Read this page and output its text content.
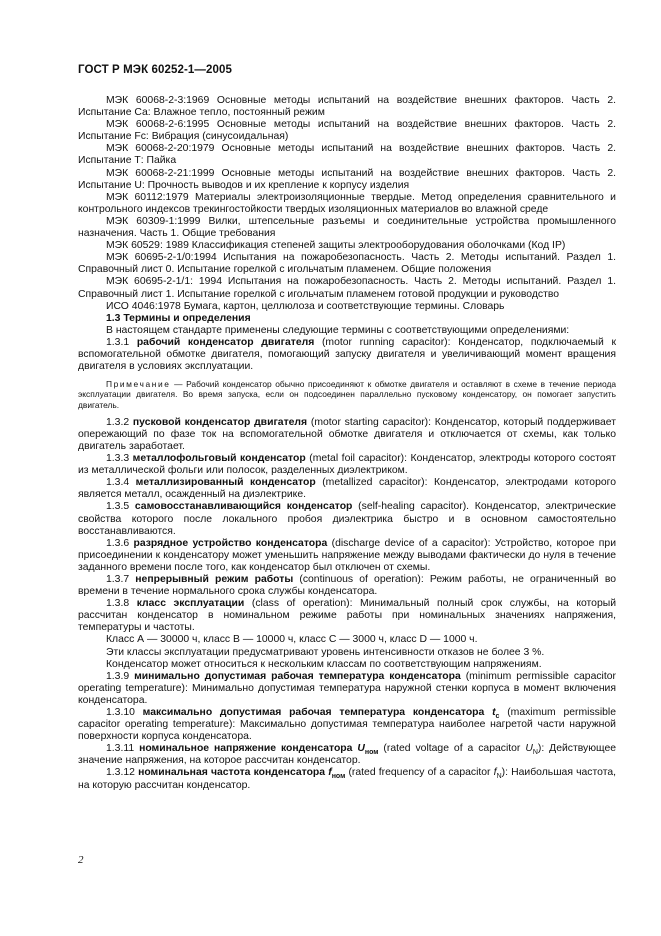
ГОСТ Р МЭК 60252-1—2005

МЭК 60068-2-3:1969 Основные методы испытаний на воздействие внешних факторов. Часть 2. Испытание Са: Влажное тепло, постоянный режим

МЭК 60068-2-6:1995 Основные методы испытаний на воздействие внешних факторов. Часть 2. Испытание Fc: Вибрация (синусоидальная)

МЭК 60068-2-20:1979 Основные методы испытаний на воздействие внешних факторов. Часть 2. Испытание Т: Пайка

МЭК 60068-2-21:1999 Основные методы испытаний на воздействие внешних факторов. Часть 2. Испытание U: Прочность выводов и их крепление к корпусу изделия

МЭК 60112:1979 Материалы электроизоляционные твердые. Метод определения сравнительного и контрольного индексов трекингостойкости твердых изоляционных материалов во влажной среде

МЭК 60309-1:1999 Вилки, штепсельные разъемы и соединительные устройства промышленного назначения. Часть 1. Общие требования

МЭК 60529: 1989 Классификация степеней защиты электрооборудования оболочками (Код IP)

МЭК 60695-2-1/0:1994 Испытания на пожаробезопасность. Часть 2. Методы испытаний. Раздел 1. Справочный лист 0. Испытание горелкой с игольчатым пламенем. Общие положения

МЭК 60695-2-1/1: 1994 Испытания на пожаробезопасность. Часть 2. Методы испытаний. Раздел 1. Справочный лист 1. Испытание горелкой с игольчатым пламенем готовой продукции и руководство

ИСО 4046:1978 Бумага, картон, целлюлоза и соответствующие термины. Словарь

1.3 Термины и определения

В настоящем стандарте применены следующие термины с соответствующими определениями:

1.3.1 рабочий конденсатор двигателя (motor running capacitor): Конденсатор, подключаемый к вспомогательной обмотке двигателя, помогающий запуску двигателя и увеличивающий момент вращения двигателя в условиях эксплуатации.

Примечание — Рабочий конденсатор обычно присоединяют к обмотке двигателя и оставляют в схеме в течение периода эксплуатации двигателя. Во время запуска, если он подсоединен параллельно пусковому конденсатору, он помогает запустить двигатель.

1.3.2 пусковой конденсатор двигателя (motor starting capacitor): Конденсатор, который поддерживает опережающий по фазе ток на вспомогательной обмотке двигателя и отключается от схемы, как только двигатель заработает.

1.3.3 металлофольговый конденсатор (metal foil capacitor): Конденсатор, электроды которого состоят из металлической фольги или полосок, разделенных диэлектриком.

1.3.4 металлизированный конденсатор (metallized capacitor): Конденсатор, электродами которого является металл, осажденный на диэлектрике.

1.3.5 самовосстанавливающийся конденсатор (self-healing capacitor). Конденсатор, электрические свойства которого после локального пробоя диэлектрика быстро и в основном самостоятельно восстанавливаются.

1.3.6 разрядное устройство конденсатора (discharge device of a capacitor): Устройство, которое при присоединении к конденсатору может уменьшить напряжение между выводами фактически до нуля в течение заданного времени после того, как конденсатор был отключен от схемы.

1.3.7 непрерывный режим работы (continuous of operation): Режим работы, не ограниченный во времени в течение нормального срока службы конденсатора.

1.3.8 класс эксплуатации (class of operation): Минимальный полный срок службы, на который рассчитан конденсатор в номинальном режиме работы при номинальных значениях напряжения, температуры и частоты.

Класс А — 30000 ч, класс В — 10000 ч, класс С — 3000 ч, класс D — 1000 ч.

Эти классы эксплуатации предусматривают уровень интенсивности отказов не более 3 %.

Конденсатор может относиться к нескольким классам по соответствующим напряжениям.

1.3.9 минимально допустимая рабочая температура конденсатора (minimum permissible capacitor operating temperature): Минимально допустимая температура наружной стенки корпуса в момент включения конденсатора.

1.3.10 максимально допустимая рабочая температура конденсатора $t_c$ (maximum permissible capacitor operating temperature): Максимально допустимая температура наиболее нагретой части наружной поверхности корпуса конденсатора.

1.3.11 номинальное напряжение конденсатора $U_{ном}$ (rated voltage of a capacitor $U_N$): Действующее значение напряжения, на которое рассчитан конденсатор.

1.3.12 номинальная частота конденсатора $f_{ном}$ (rated frequency of a capacitor $f_N$): Наибольшая частота, на которую рассчитан конденсатор.

2
